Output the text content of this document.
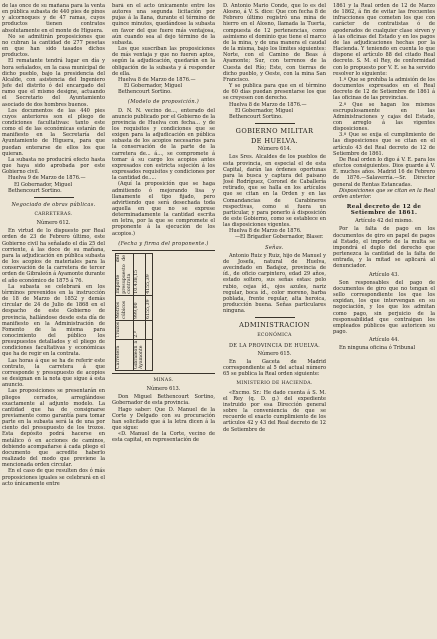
de las once de su mañana para la venta en pública subasta de 440 pies de pinos y alcornoques y de 47 ramas, cuyos productos tienen contratos absolutamente en el monte de Higuera.

No se admitirán proposiciones que no cubran la cantidad de 277 pesetas en que han sido tasados dichos productos.

El rematante tendrá lugar en día y hora señalados, en la casa municipal de dicho pueblo, bajo la presidencia del Alcalde, con asistencia del Ingeniero Jefe del distrito ó del encargado del ramo que el mismo designe, actuando el Secretario del Ayuntamiento asociado de dos hombres buenos.

Los documentos de las 440 pies cuyos anteriores son el pliego de condiciones facultativas: tanto este como el de las económicas estarán de manifiesto en la Secretaría del Ayuntamiento de Higuera, para que puedan enterarse de ellos los que quieran.

La subasta no producirá efecto hasta que haya sido aprobada por este Gobierno civil.

Huelva 9 de Marzo de 1876.—

El Gobernador, Miguel Bethencourt Sortino.

Negociado de obras públicas.

CARRETERAS.

Número 612.

En virtud de lo dispuesto por Real orden de 23 de Febrero último, este Gobierno civil ha señalado el día 25 del corriente, á las doce de su mañana, para la adjudicación en pública subasta de los acopios de materiales para la conservación de la carretera de tercer orden de Gibraleón á Ayamonte durante el año económico de 1875 á 76.

La subasta se celebrará en los términos prevenidos en la instrucción de 18 de Marzo de 1852 y demás circular de 24 de Julio de 1868 en el despacho de este Gobierno de provincia, hallándose desde esta día de manifiesto en la Administración de Fomento de la misma para conocimiento del público los presupuestos detallados y el pliego de condiciones facultativas y económicas que ha de regir en la contrata.

Las horas á que se ha de referir este contrato, la carretera á que corresponde y presupuesto de acopios se designan en la nota que sigue á esta anuncio.

Las proposiciones se presentarán en pliegos cerrados, arreglándose exactamente al adjunto modelo. La cantidad que ha de consignarse previamente como garantía para tomar parte en la subasta será la de una por ciento del presupuesto de los trozos. Esta depósito podrá hacerse en metálico ó en acciones de caminos, debiendo acompañarse á cada pliego el documento que acredite haberlo realizado del modo que previene la mencionada orden circular.

En el caso de que resulten dos ó más proposiciones iguales se celebrará en el acto únicamente entre

bará en el acto únicamente entre los autores una segunda licitación por pujas á la llana, durante el término de quince minutos, quedándose la subasta en favor del que fuere más ventajosa, aún cuando sea al dejo término de la subasta.

Los que suscriban las proposiciones de más ventaja y que no fueren aptos, según la adjudicación, quedarán en la obligación de la subasta y á responder de ella.

Huelva 8 de Marzo de 1876.—

El Gobernador, Miguel Bethencourt Sortino.

(Modelo de proposición.)

D. N. N. vecino de..., enterado del anuncio publicado por el Gobierno de la provincia de Huelva con fecha... y de los requisitos y condiciones que se exigen para la adjudicación en pública subasta de los acopios necesarios para la conservación de la parte de la carretera de... á..., se compromete á tomar á su cargo los acopios antes expresados con estricta sujeción á los expresados requisitos y condiciones por la cantidad de.....

(Aquí la proposición que se haga admitiendo ó mejorando lisa y llanamente el tipo fijado, pero advirtiendo que será desechada toda aquella en que no se exprese determinadamente la cantidad escrita en letra, por la que se compromete el proponente á la ejecución de los acopios.)

(Fecha y firma del proponente.)

Carretera	Trozos	Metros cúbicos	Importe del presupuesto de contrata
Gibraleón á Ayamonte	2.º	999,00	10.438,15
		6155,39	4155,39

MINAS.

Número 613.

Don Miguel Bethencourt Sortino, Gobernador de esta provincia.

Hago saber: Que D. Manuel de la Corte y Delgado con su procuración han solicitado que á la letra dicen á la que sigue:

«D. Manuel de la Corte, vecino de esta capital, en representación de

D. Antonio Mario Conde, que lo es del Alosno, á V. S. dice: Que con fecha 8 de Febrero último registró una mina de hierro en el Alosno, llamada la Tuerta, compuesta de 12 pertenencias, como asimismo el dominio que tiene el marco de la mina, y de una manera el caudal de la misma, bajo los límites siguientes: Norte, con el Camino de Beas á Ayamonte; Sur, con terrenos de la Cuesta del Río; Este, con tierras de dicho pueblo, y Oeste, con la mina San Francisco.

Y se publica para que en el término de 60 días puedan presentarse los que se creyesen con derecho.

Huelva 8 de Marzo de 1876.—

El Gobernador, Miguel Bethencourt Sortino.

GOBIERNO MILITAR

DE HUELVA.

Número 614.

Los Sres. Alcaldes de los pueblos de esta provincia, en especial el de esta Capital, darán las órdenes oportunas para la busca y captura del paisano José Rodríguez, Coronel de Caballería retirado, que se halla en los artículos que se citan en la Orden y en las Comandancias de Carabineros respectivas, como si fuera un particular, y para ponerlo á disposición de este Gobierno, como se establece en las disposiciones vigentes.

Huelva 8 de Marzo de 1876.

—El Brigadier Gobernador, Blaser.

Señas.

Antonio Ruiz y Ruiz, hijo de Manuel y de Josefa, natural de Huelva, avecindado en Badajoz, provincia de íd., de oficio carpintero, edad 29 años, estado soltero, sus señas estas: pelo rubio, cejas íd., ojos azules, nariz regular, boca íd., color moreno, barba poblada, frente regular, alta heroica, producción buena. Señas particulares ninguna.

ADMINISTRACION

ECONÓMICA

DE LA PROVINCIA DE HUELVA.

Número 615.

En la Gaceta de Madrid correspondiente al 5 del actual número 65 se publica la Real orden siguiente:

MINISTERIO DE HACIENDA.

«Excmo. Sr.: He dado cuenta á S. M. el Rey (q. D. g.) del expediente instruido por esa Dirección general sobre la conveniencia de que se recuerde el exacto cumplimiento de los artículos 42 y 43 del Real decreto de 12 de Setiembre de

1861 y la Real orden de 12 de Marzo de 1862, á fin de evitar las frecuentes infracciones que cometen los que con carácter de contratistas ó de apoderados de cualquier clase sirven y á las oficinas del Estado y en los pagos de las adjudicaciones hechas por la Hacienda. Y teniendo en cuenta lo que dispone el artículo 88 del citado Real decreto. S. M. el Rey, de conformidad con lo propuesto por V. E. se ha servido resolver lo siguiente:

1.º Que se prohíba la admisión de los documentos expresados en el Real decreto de 12 de Setiembre de 1861 á las oficinas de las provincias.

2.º Que se hagan los mismos escrupulosamente en las Administraciones y cajas del Estado, con arreglo á las vigentes disposiciones.

3.º Que se exija el cumplimiento de las disposiciones que se citan en el artículo 43 del Real decreto de 12 de Setiembre de 1861.

De Real orden lo digo á V. E. para los efectos consiguientes. Dios guarde á V. E. muchos años. Madrid 16 de Febrero de 1876.—Salaverría.—Sr. Director general de Rentas Estancadas.

Disposiciones que se citan en la Real orden anterior.

Real decreto de 12 de Setiembre de 1861.

Artículo 42 del mismo.

Por la falta de pago en los documentos de giro en papel de pagos al Estado, el importe de la multa se impondrá el duplo del derecho que pertenezca la cantidad de la falta de entrada, y la mitad se aplicará al denunciador.

Artículo 43.

Son responsables del pago de documentos de giro que no tengan el sello correspondiente los que los expidan, los que intervengan en su negociación, y los que los admitan como pago, sin perjuicio de la responsabilidad que contraigan los empleados públicos que autoricen su pago.

Artículo 44.

En ninguna oficina ó Tribunal
